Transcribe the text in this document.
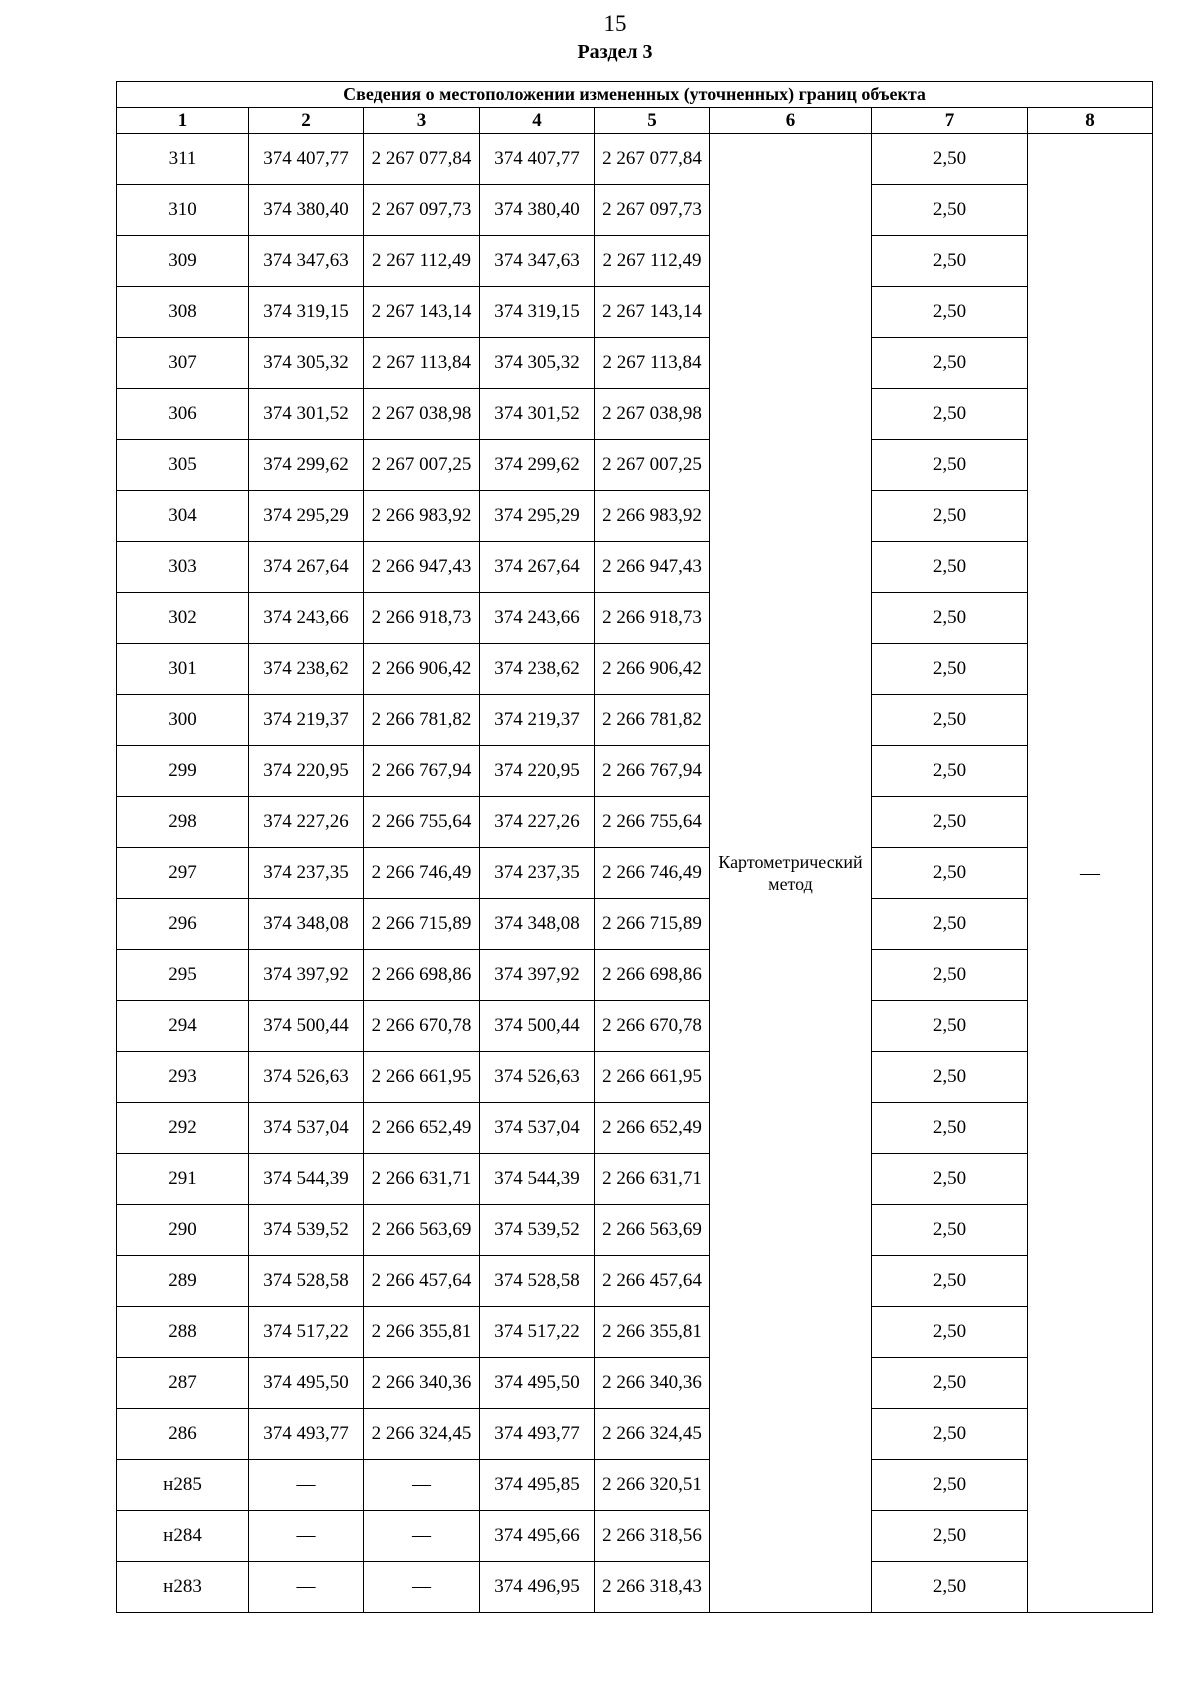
15
Раздел 3
Сведения о местоположении измененных (уточненных) границ объекта							
1	2	3	4	5	6	7	8
311	374 407,77	2 267 077,84	374 407,77	2 267 077,84	Картометрический метод	2,50	—
310	374 380,40	2 267 097,73	374 380,40	2 267 097,73		2,50	
309	374 347,63	2 267 112,49	374 347,63	2 267 112,49		2,50	
308	374 319,15	2 267 143,14	374 319,15	2 267 143,14		2,50	
307	374 305,32	2 267 113,84	374 305,32	2 267 113,84		2,50	
306	374 301,52	2 267 038,98	374 301,52	2 267 038,98		2,50	
305	374 299,62	2 267 007,25	374 299,62	2 267 007,25		2,50	
304	374 295,29	2 266 983,92	374 295,29	2 266 983,92		2,50	
303	374 267,64	2 266 947,43	374 267,64	2 266 947,43		2,50	
302	374 243,66	2 266 918,73	374 243,66	2 266 918,73		2,50	
301	374 238,62	2 266 906,42	374 238,62	2 266 906,42		2,50	
300	374 219,37	2 266 781,82	374 219,37	2 266 781,82		2,50	
299	374 220,95	2 266 767,94	374 220,95	2 266 767,94		2,50	
298	374 227,26	2 266 755,64	374 227,26	2 266 755,64		2,50	
297	374 237,35	2 266 746,49	374 237,35	2 266 746,49		2,50	
296	374 348,08	2 266 715,89	374 348,08	2 266 715,89		2,50	
295	374 397,92	2 266 698,86	374 397,92	2 266 698,86		2,50	
294	374 500,44	2 266 670,78	374 500,44	2 266 670,78		2,50	
293	374 526,63	2 266 661,95	374 526,63	2 266 661,95		2,50	
292	374 537,04	2 266 652,49	374 537,04	2 266 652,49		2,50	
291	374 544,39	2 266 631,71	374 544,39	2 266 631,71		2,50	
290	374 539,52	2 266 563,69	374 539,52	2 266 563,69		2,50	
289	374 528,58	2 266 457,64	374 528,58	2 266 457,64		2,50	
288	374 517,22	2 266 355,81	374 517,22	2 266 355,81		2,50	
287	374 495,50	2 266 340,36	374 495,50	2 266 340,36		2,50	
286	374 493,77	2 266 324,45	374 493,77	2 266 324,45		2,50	
н285	—	—	374 495,85	2 266 320,51		2,50	
н284	—	—	374 495,66	2 266 318,56		2,50	
н283	—	—	374 496,95	2 266 318,43		2,50	
